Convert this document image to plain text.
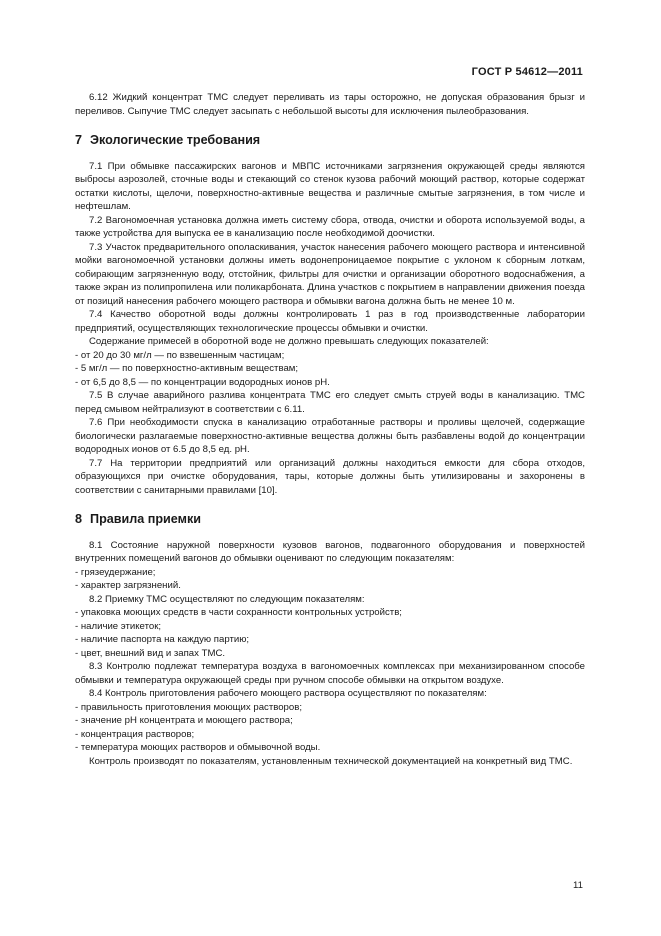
ГОСТ Р 54612—2011

6.12 Жидкий концентрат ТМС следует переливать из тары осторожно, не допуская образования брызг и переливов. Сыпучие ТМС следует засыпать с небольшой высоты для исключения пылеобразования.

7 Экологические требования

7.1 При обмывке пассажирских вагонов и МВПС источниками загрязнения окружающей среды являются выбросы аэрозолей, сточные воды и стекающий со стенок кузова рабочий моющий раствор, которые содержат остатки кислоты, щелочи, поверхностно-активные вещества и различные смытые загрязнения, в том числе и нефтешлам.

7.2 Вагономоечная установка должна иметь систему сбора, отвода, очистки и оборота используемой воды, а также устройства для выпуска ее в канализацию после необходимой доочистки.

7.3 Участок предварительного ополаскивания, участок нанесения рабочего моющего раствора и интенсивной мойки вагономоечной установки должны иметь водонепроницаемое покрытие с уклоном к сборным лоткам, собирающим загрязненную воду, отстойник, фильтры для очистки и организации оборотного водоснабжения, а также экран из полипропилена или поликарбоната. Длина участков с покрытием в направлении движения поезда от позиций нанесения рабочего моющего раствора и обмывки вагона должна быть не менее 10 м.

7.4 Качество оборотной воды должны контролировать 1 раз в год производственные лаборатории предприятий, осуществляющих технологические процессы обмывки и очистки.

Содержание примесей в оборотной воде не должно превышать следующих показателей:

- от 20 до 30 мг/л — по взвешенным частицам;

- 5 мг/л — по поверхностно-активным веществам;

- от 6,5 до 8,5 — по концентрации водородных ионов рН.

7.5 В случае аварийного разлива концентрата ТМС его следует смыть струей воды в канализацию. ТМС перед смывом нейтрализуют в соответствии с 6.11.

7.6 При необходимости спуска в канализацию отработанные растворы и проливы щелочей, содержащие биологически разлагаемые поверхностно-активные вещества должны быть разбавлены водой до концентрации водородных ионов от 6.5 до 8,5 ед. рН.

7.7 На территории предприятий или организаций должны находиться емкости для сбора отходов, образующихся при очистке оборудования, тары, которые должны быть утилизированы и захоронены в соответствии с санитарными правилами [10].

8 Правила приемки

8.1 Состояние наружной поверхности кузовов вагонов, подвагонного оборудования и поверхностей внутренних помещений вагонов до обмывки оценивают по следующим показателям:

- грязеудержание;

- характер загрязнений.

8.2 Приемку ТМС осуществляют по следующим показателям:

- упаковка моющих средств в части сохранности контрольных устройств;

- наличие этикеток;

- наличие паспорта на каждую партию;

- цвет, внешний вид и запах ТМС.

8.3 Контролю подлежат температура воздуха в вагономоечных комплексах при механизированном способе обмывки и температура окружающей среды при ручном способе обмывки на открытом воздухе.

8.4 Контроль приготовления рабочего моющего раствора осуществляют по показателям:

- правильность приготовления моющих растворов;

- значение рН концентрата и моющего раствора;

- концентрация растворов;

- температура моющих растворов и обмывочной воды.

Контроль производят по показателям, установленным технической документацией на конкретный вид ТМС.

11
